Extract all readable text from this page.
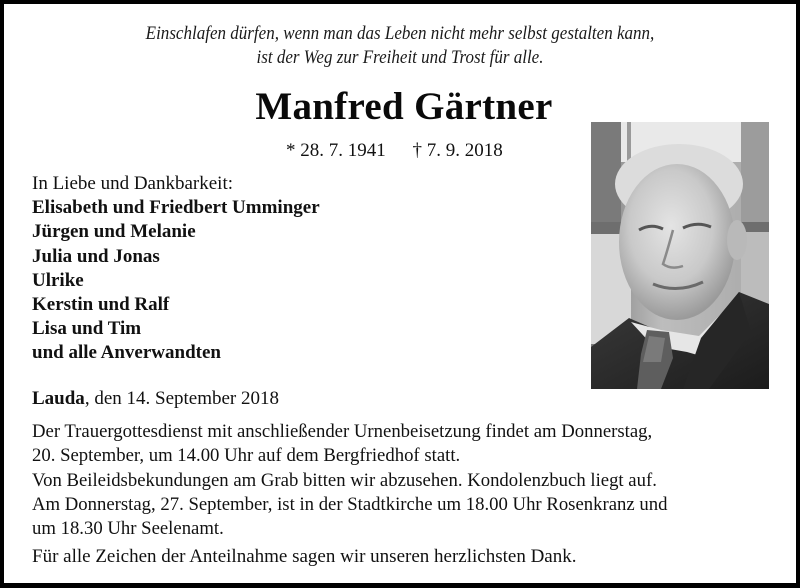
Einschlafen dürfen, wenn man das Leben nicht mehr selbst gestalten kann,
ist der Weg zur Freiheit und Trost für alle.
Manfred Gärtner
* 28. 7. 1941 † 7. 9. 2018
In Liebe und Dankbarkeit:
Elisabeth und Friedbert Umminger
Jürgen und Melanie
Julia und Jonas
Ulrike
Kerstin und Ralf
Lisa und Tim
und alle Anverwandten
Lauda, den 14. September 2018
Der Trauergottesdienst mit anschließender Urnenbeisetzung findet am Donnerstag,
20. September, um 14.00 Uhr auf dem Bergfriedhof statt.
Von Beileidsbekundungen am Grab bitten wir abzusehen. Kondolenzbuch liegt auf.
Am Donnerstag, 27. September, ist in der Stadtkirche um 18.00 Uhr Rosenkranz und
um 18.30 Uhr Seelenamt.
Für alle Zeichen der Anteilnahme sagen wir unseren herzlichsten Dank.
